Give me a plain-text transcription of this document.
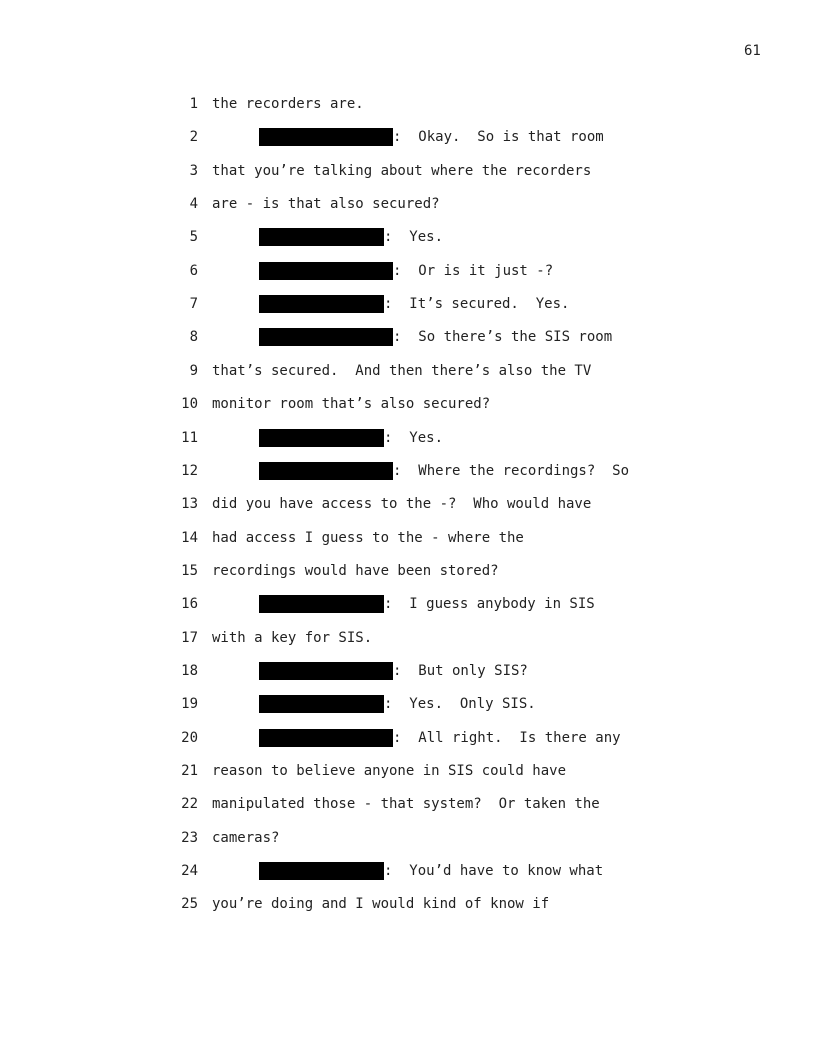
61
1 the recorders are.
2	:  Okay.  So is that room
3 that you’re talking about where the recorders
4 are - is that also secured?
5	:  Yes.
6	:  Or is it just -?
7	:  It’s secured.  Yes.
8	:  So there’s the SIS room
9 that’s secured.  And then there’s also the TV
10 monitor room that’s also secured?
11	:  Yes.
12	:  Where the recordings?  So
13 did you have access to the -?  Who would have
14 had access I guess to the - where the
15 recordings would have been stored?
16	:  I guess anybody in SIS
17 with a key for SIS.
18	:  But only SIS?
19	:  Yes.  Only SIS.
20	:  All right.  Is there any
21 reason to believe anyone in SIS could have
22 manipulated those - that system?  Or taken the
23 cameras?
24	:  You’d have to know what
25 you’re doing and I would kind of know if
